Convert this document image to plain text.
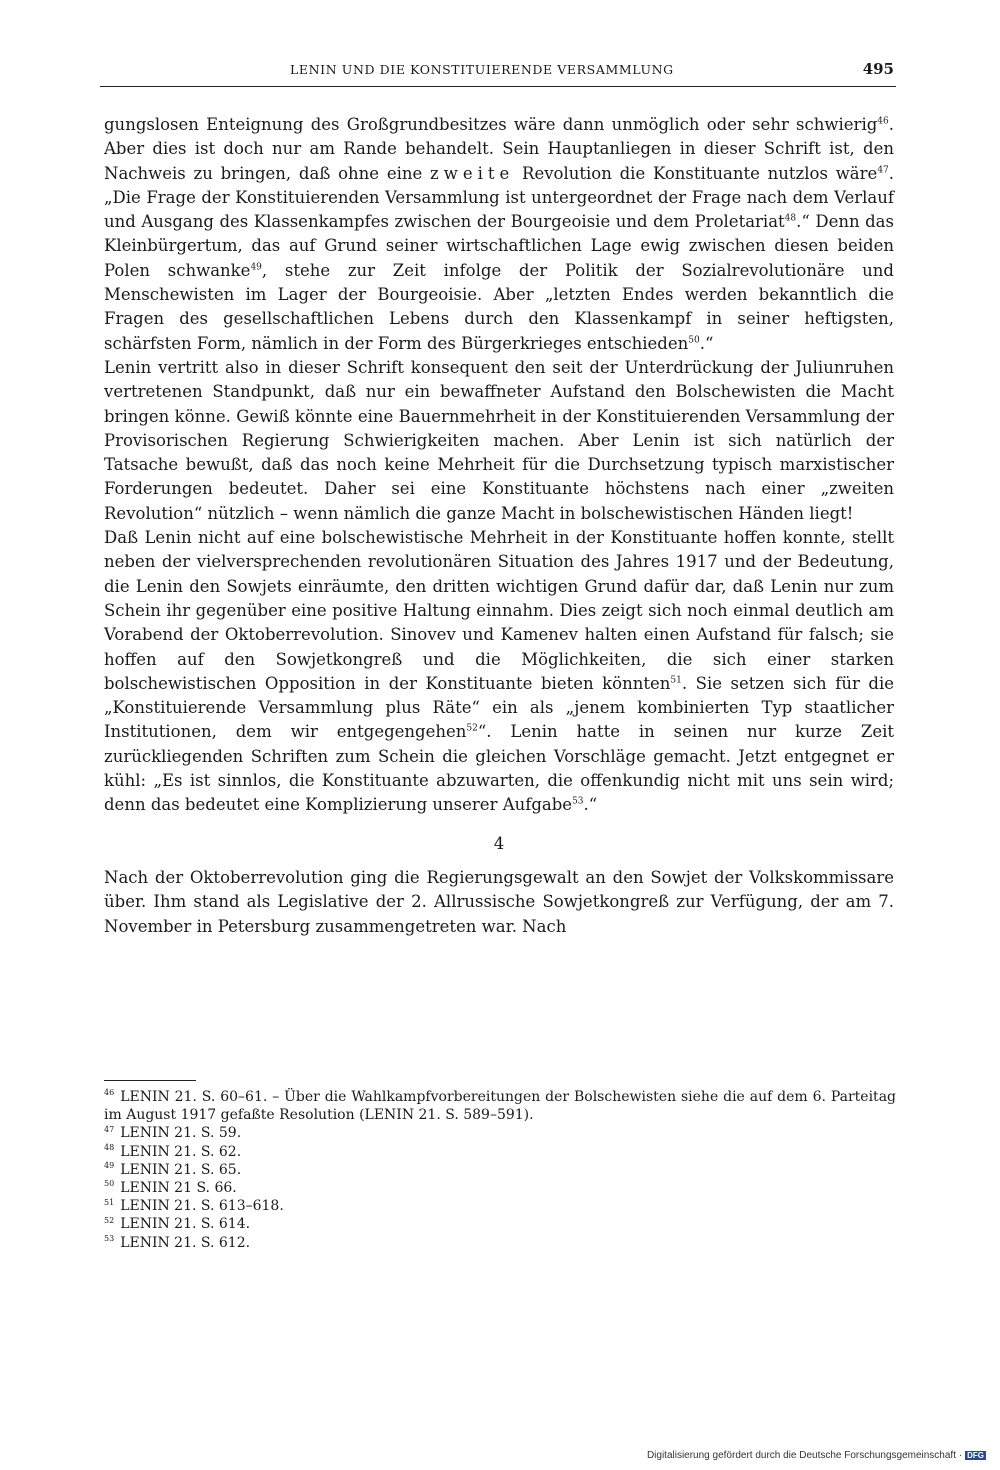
LENIN UND DIE KONSTITUIERENDE VERSAMMLUNG	495

gungslosen Enteignung des Großgrundbesitzes wäre dann unmöglich oder sehr schwierig$^{46}$. Aber dies ist doch nur am Rande behandelt. Sein Hauptanliegen in dieser Schrift ist, den Nachweis zu bringen, daß ohne eine zweite Revolution die Konstituante nutzlos wäre$^{47}$. „Die Frage der Konstituierenden Versammlung ist untergeordnet der Frage nach dem Verlauf und Ausgang des Klassenkampfes zwischen der Bourgeoisie und dem Proletariat$^{48}$.“ Denn das Kleinbürgertum, das auf Grund seiner wirtschaftlichen Lage ewig zwischen diesen beiden Polen schwanke$^{49}$, stehe zur Zeit infolge der Politik der Sozialrevolutionäre und Menschewisten im Lager der Bourgeoisie. Aber „letzten Endes werden bekanntlich die Fragen des gesellschaftlichen Lebens durch den Klassenkampf in seiner heftigsten, schärfsten Form, nämlich in der Form des Bürgerkrieges entschieden$^{50}$.“

Lenin vertritt also in dieser Schrift konsequent den seit der Unterdrückung der Juliunruhen vertretenen Standpunkt, daß nur ein bewaffneter Aufstand den Bolschewisten die Macht bringen könne. Gewiß könnte eine Bauernmehrheit in der Konstituierenden Versammlung der Provisorischen Regierung Schwierigkeiten machen. Aber Lenin ist sich natürlich der Tatsache bewußt, daß das noch keine Mehrheit für die Durchsetzung typisch marxistischer Forderungen bedeutet. Daher sei eine Konstituante höchstens nach einer „zweiten Revolution“ nützlich – wenn nämlich die ganze Macht in bolschewistischen Händen liegt!

Daß Lenin nicht auf eine bolschewistische Mehrheit in der Konstituante hoffen konnte, stellt neben der vielversprechenden revolutionären Situation des Jahres 1917 und der Bedeutung, die Lenin den Sowjets einräumte, den dritten wichtigen Grund dafür dar, daß Lenin nur zum Schein ihr gegenüber eine positive Haltung einnahm. Dies zeigt sich noch einmal deutlich am Vorabend der Oktoberrevolution. Sinovev und Kamenev halten einen Aufstand für falsch; sie hoffen auf den Sowjetkongreß und die Möglichkeiten, die sich einer starken bolschewistischen Opposition in der Konstituante bieten könnten$^{51}$. Sie setzen sich für die „Konstituierende Versammlung plus Räte“ ein als „jenem kombinierten Typ staatlicher Institutionen, dem wir entgegengehen$^{52}$“. Lenin hatte in seinen nur kurze Zeit zurückliegenden Schriften zum Schein die gleichen Vorschläge gemacht. Jetzt entgegnet er kühl: „Es ist sinnlos, die Konstituante abzuwarten, die offenkundig nicht mit uns sein wird; denn das bedeutet eine Komplizierung unserer Aufgabe$^{53}$.“

4

Nach der Oktoberrevolution ging die Regierungsgewalt an den Sowjet der Volkskommissare über. Ihm stand als Legislative der 2. Allrussische Sowjetkongreß zur Verfügung, der am 7. November in Petersburg zusammengetreten war. Nach

$^{46}$ LENIN 21. S. 60–61. – Über die Wahlkampfvorbereitungen der Bolschewisten siehe die auf dem 6. Parteitag im August 1917 gefaßte Resolution (LENIN 21. S. 589–591).

$^{47}$ LENIN 21. S. 59.

$^{48}$ LENIN 21. S. 62.

$^{49}$ LENIN 21. S. 65.

$^{50}$ LENIN 21 S. 66.

$^{51}$ LENIN 21. S. 613–618.

$^{52}$ LENIN 21. S. 614.

$^{53}$ LENIN 21. S. 612.

Digitalisierung gefördert durch die Deutsche Forschungsgemeinschaft · DFG
